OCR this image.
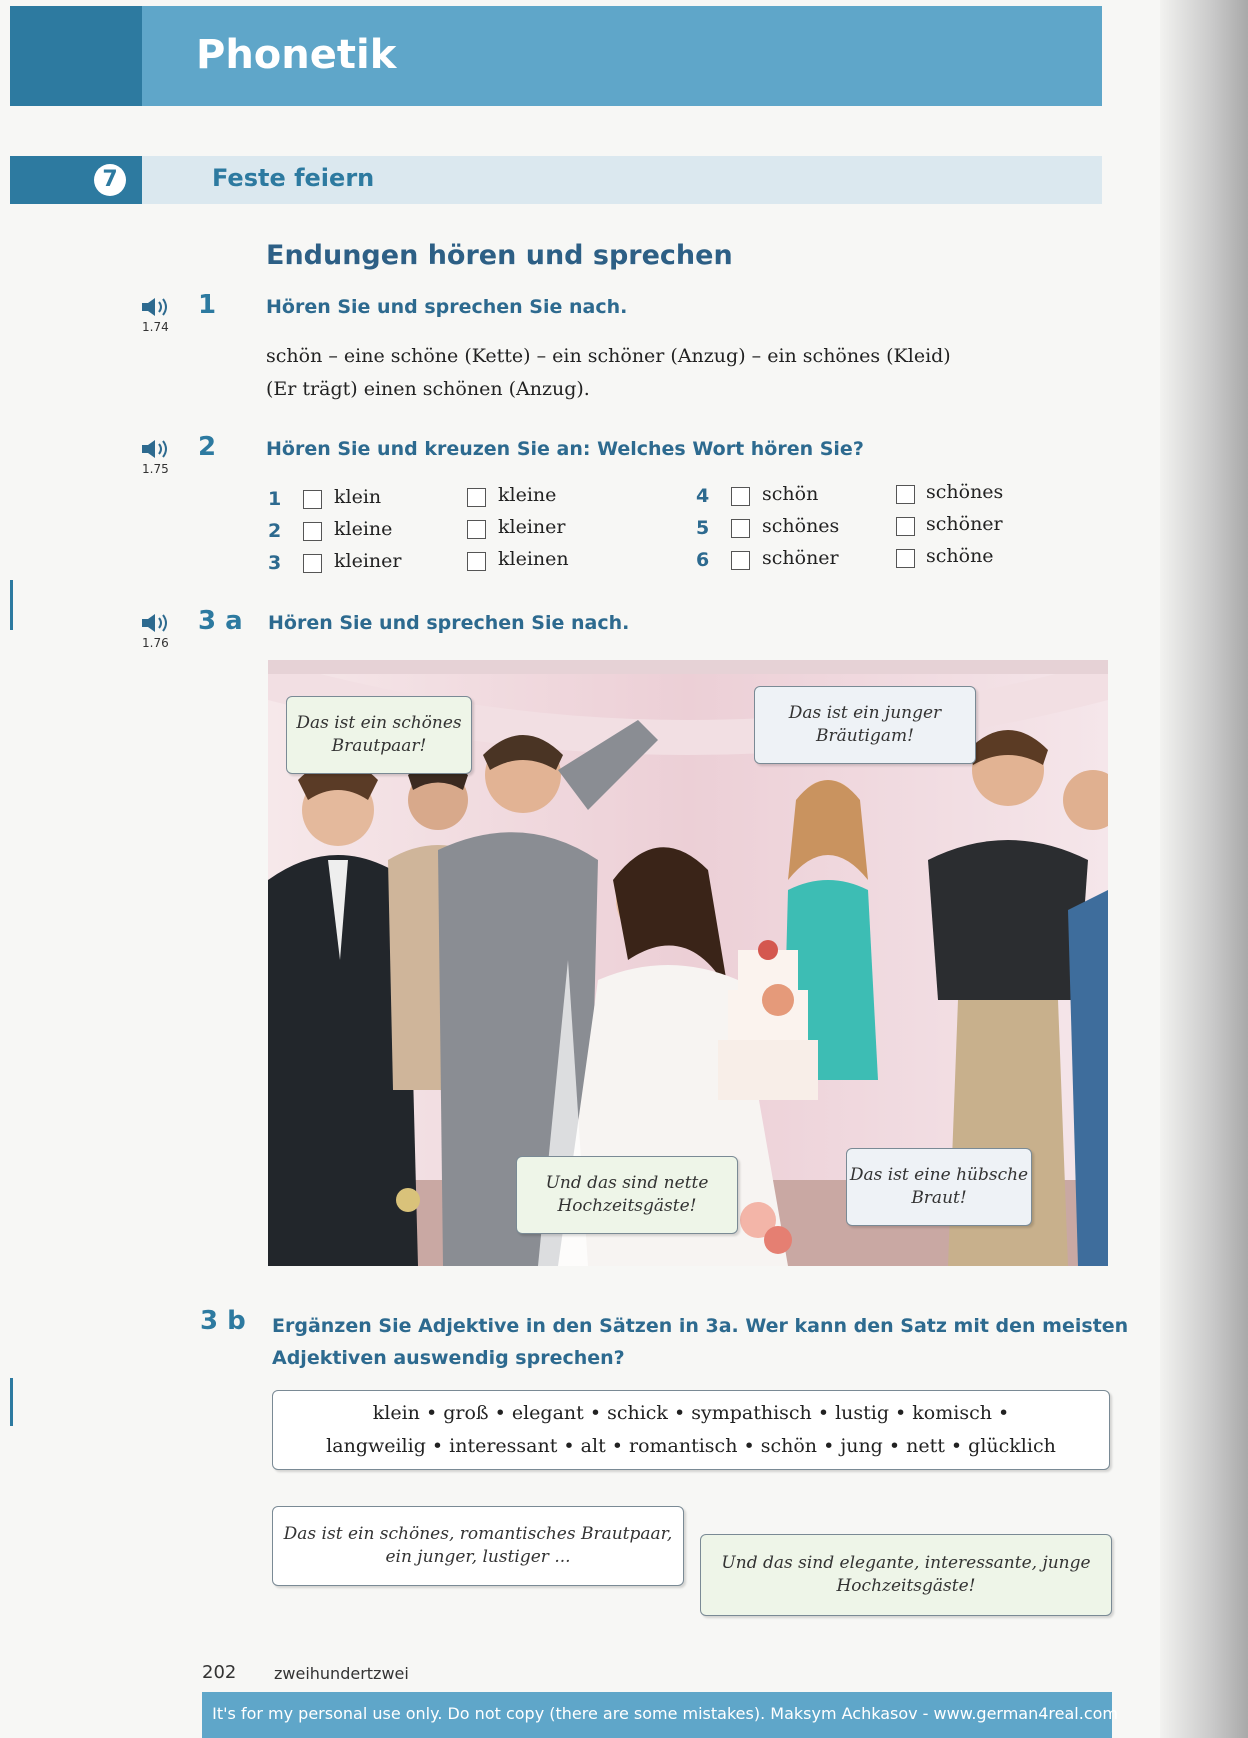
Phonetik
7	Feste feiern
Endungen hören und sprechen
1.74
1	Hören Sie und sprechen Sie nach.
schön – eine schöne (Kette) – ein schöner (Anzug) – ein schönes (Kleid)
(Er trägt) einen schönen (Anzug).
1.75
2	Hören Sie und kreuzen Sie an: Welches Wort hören Sie?
1	klein	kleine
2	kleine	kleiner
3	kleiner	kleinen
4	schön	schönes
5	schönes	schöner
6	schöner	schöne
1.76
3 a Hören Sie und sprechen Sie nach.
Das ist ein schönes Brautpaar!
Das ist ein junger Bräutigam!
Und das sind nette Hochzeitsgäste!
Das ist eine hübsche Braut!
3 b Ergänzen Sie Adjektive in den Sätzen in 3a. Wer kann den Satz mit den meisten
Adjektiven auswendig sprechen?
klein • groß • elegant • schick • sympathisch • lustig • komisch •
langweilig • interessant • alt • romantisch • schön • jung • nett • glücklich
Das ist ein schönes, romantisches Brautpaar, ein junger, lustiger ...	Und das sind elegante, interessante, junge Hochzeitsgäste!
202 zweihundertzwei
It's for my personal use only. Do not copy (there are some mistakes). Maksym Achkasov - www.german4real.com
